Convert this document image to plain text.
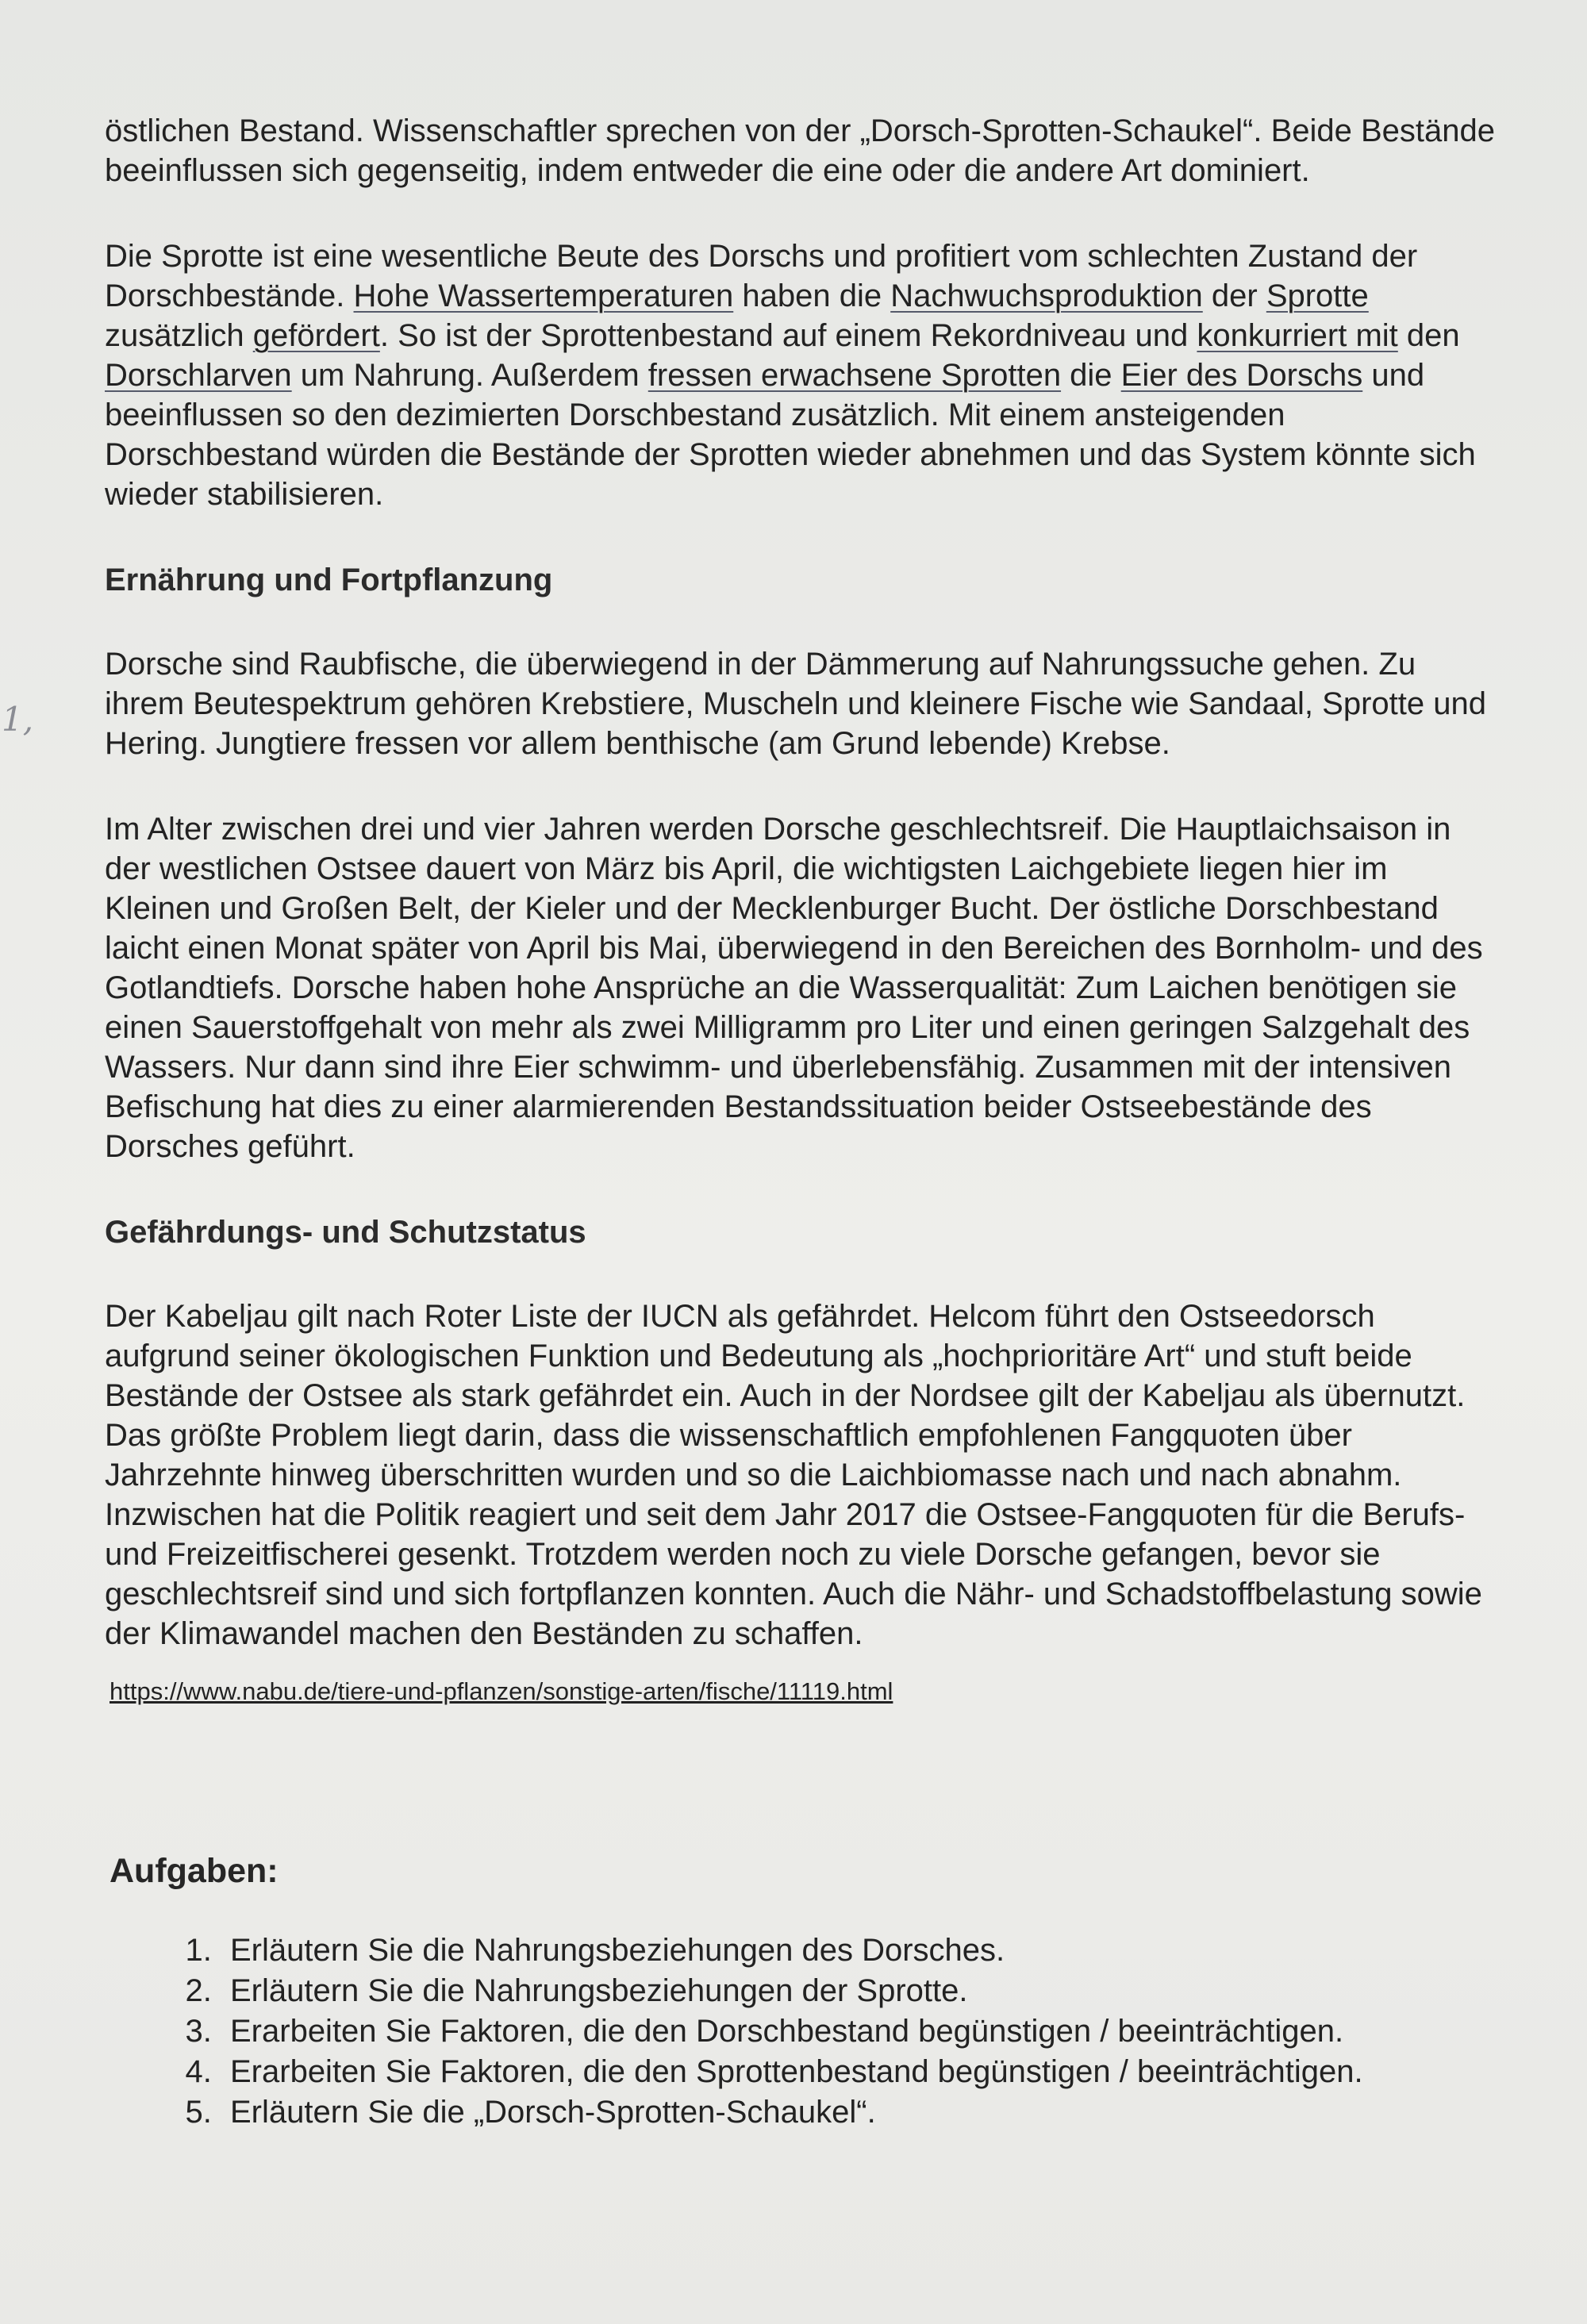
1,

östlichen Bestand. Wissenschaftler sprechen von der „Dorsch-Sprotten-Schaukel“. Beide Bestände beeinflussen sich gegenseitig, indem entweder die eine oder die andere Art dominiert.

Die Sprotte ist eine wesentliche Beute des Dorschs und profitiert vom schlechten Zustand der Dorschbestände. Hohe Wassertemperaturen haben die Nachwuchsproduktion der Sprotte zusätzlich gefördert. So ist der Sprottenbestand auf einem Rekordniveau und konkurriert mit den Dorschlarven um Nahrung. Außerdem fressen erwachsene Sprotten die Eier des Dorschs und beeinflussen so den dezimierten Dorschbestand zusätzlich. Mit einem ansteigenden Dorschbestand würden die Bestände der Sprotten wieder abnehmen und das System könnte sich wieder stabilisieren.

Ernährung und Fortpflanzung

Dorsche sind Raubfische, die überwiegend in der Dämmerung auf Nahrungssuche gehen. Zu ihrem Beutespektrum gehören Krebstiere, Muscheln und kleinere Fische wie Sandaal, Sprotte und Hering. Jungtiere fressen vor allem benthische (am Grund lebende) Krebse.

Im Alter zwischen drei und vier Jahren werden Dorsche geschlechtsreif. Die Hauptlaichsaison in der westlichen Ostsee dauert von März bis April, die wichtigsten Laichgebiete liegen hier im Kleinen und Großen Belt, der Kieler und der Mecklenburger Bucht. Der östliche Dorschbestand laicht einen Monat später von April bis Mai, überwiegend in den Bereichen des Bornholm- und des Gotlandtiefs. Dorsche haben hohe Ansprüche an die Wasserqualität: Zum Laichen benötigen sie einen Sauerstoffgehalt von mehr als zwei Milligramm pro Liter und einen geringen Salzgehalt des Wassers. Nur dann sind ihre Eier schwimm- und überlebensfähig. Zusammen mit der intensiven Befischung hat dies zu einer alarmierenden Bestandssituation beider Ostseebestände des Dorsches geführt.

Gefährdungs- und Schutzstatus

Der Kabeljau gilt nach Roter Liste der IUCN als gefährdet. Helcom führt den Ostseedorsch aufgrund seiner ökologischen Funktion und Bedeutung als „hochprioritäre Art“ und stuft beide Bestände der Ostsee als stark gefährdet ein. Auch in der Nordsee gilt der Kabeljau als übernutzt. Das größte Problem liegt darin, dass die wissenschaftlich empfohlenen Fangquoten über Jahrzehnte hinweg überschritten wurden und so die Laichbiomasse nach und nach abnahm. Inzwischen hat die Politik reagiert und seit dem Jahr 2017 die Ostsee-Fangquoten für die Berufs- und Freizeitfischerei gesenkt. Trotzdem werden noch zu viele Dorsche gefangen, bevor sie geschlechtsreif sind und sich fortpflanzen konnten. Auch die Nähr- und Schadstoffbelastung sowie der Klimawandel machen den Beständen zu schaffen.

https://www.nabu.de/tiere-und-pflanzen/sonstige-arten/fische/11119.html
Aufgaben:
1. Erläutern Sie die Nahrungsbeziehungen des Dorsches.
2. Erläutern Sie die Nahrungsbeziehungen der Sprotte.
3. Erarbeiten Sie Faktoren, die den Dorschbestand begünstigen / beeinträchtigen.
4. Erarbeiten Sie Faktoren, die den Sprottenbestand begünstigen / beeinträchtigen.
5. Erläutern Sie die „Dorsch-Sprotten-Schaukel“.
